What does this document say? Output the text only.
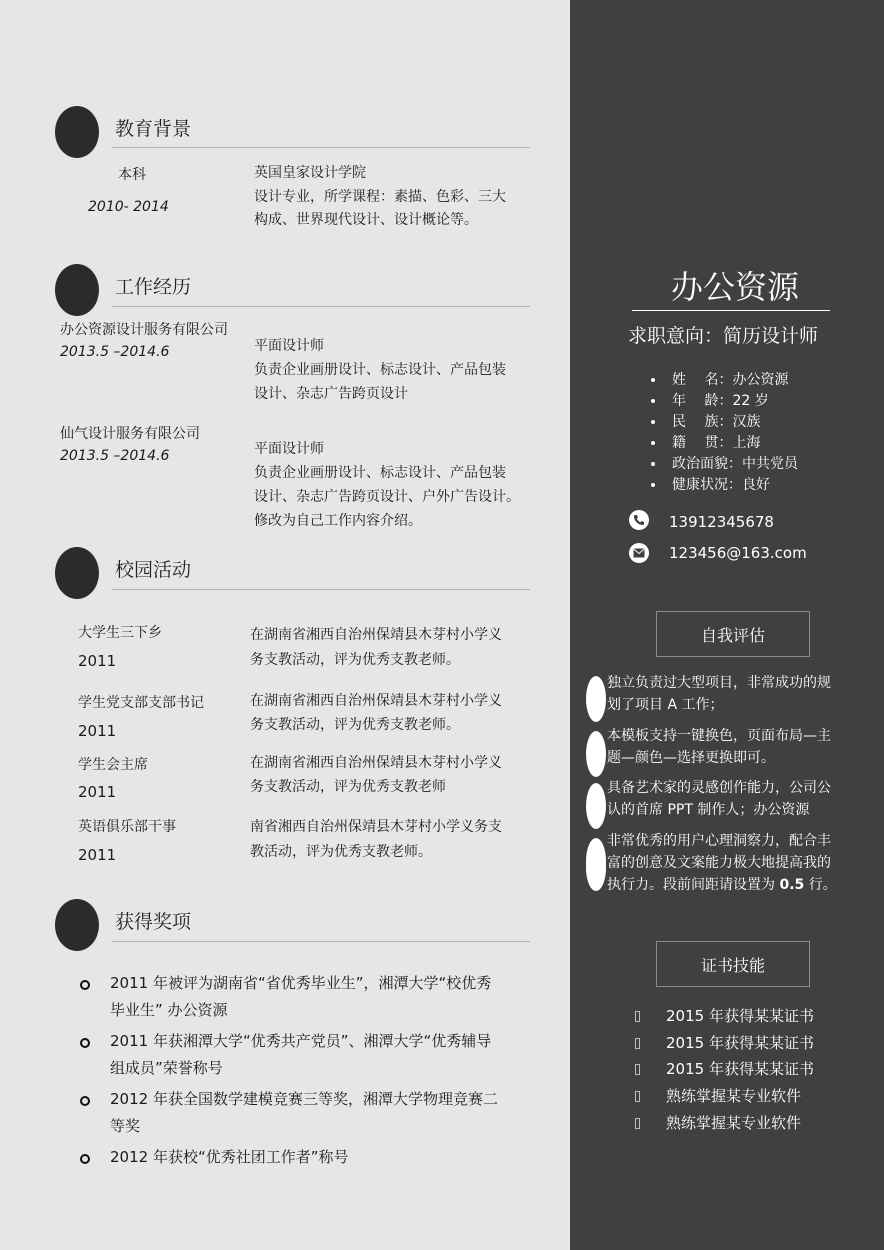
教育背景
本科
2010- 2014
英国皇家设计学院
设计专业，所学课程：素描、色彩、三大
构成、世界现代设计、设计概论等。
工作经历
办公资源设计服务有限公司
2013.5 –2014.6	平面设计师
负责企业画册设计、标志设计、产品包装
设计、杂志广告跨页设计
仙气设计服务有限公司
2013.5 –2014.6	平面设计师
负责企业画册设计、标志设计、产品包装
设计、杂志广告跨页设计、户外广告设计。
修改为自己工作内容介绍。
校园活动
大学生三下乡
2011
在湖南省湘西自治州保靖县木芽村小学义
务支教活动，评为优秀支教老师。
学生党支部支部书记
2011
在湖南省湘西自治州保靖县木芽村小学义
务支教活动，评为优秀支教老师。
学生会主席
2011
在湖南省湘西自治州保靖县木芽村小学义
务支教活动，评为优秀支教老师
英语俱乐部干事
2011
南省湘西自治州保靖县木芽村小学义务支
教活动，评为优秀支教老师。
获得奖项
2011 年被评为湖南省“省优秀毕业生”，湘潭大学“校优秀
毕业生” 办公资源
2011 年获湘潭大学“优秀共产党员”、湘潭大学“优秀辅导
组成员”荣誉称号
2012 年获全国数学建模竞赛三等奖，湘潭大学物理竞赛二
等奖
2012 年获校“优秀社团工作者”称号
办公资源
求职意向：简历设计师
姓　 名：办公资源
年　 龄：22 岁
民　 族：汉族
籍　 贯：上海
政治面貌：中共党员
健康状况：良好
13912345678
123456@163.com
自我评估
独立负责过大型项目，非常成功的规
划了项目 A 工作；
本模板支持一键换色，页面布局—主
题—颜色—选择更换即可。
具备艺术家的灵感创作能力，公司公
认的首席 PPT 制作人；办公资源
非常优秀的用户心理洞察力，配合丰
富的创意及文案能力极大地提高我的
执行力。段前间距请设置为 0.5 行。
证书技能
2015 年获得某某证书
2015 年获得某某证书
2015 年获得某某证书
熟练掌握某专业软件
熟练掌握某专业软件
